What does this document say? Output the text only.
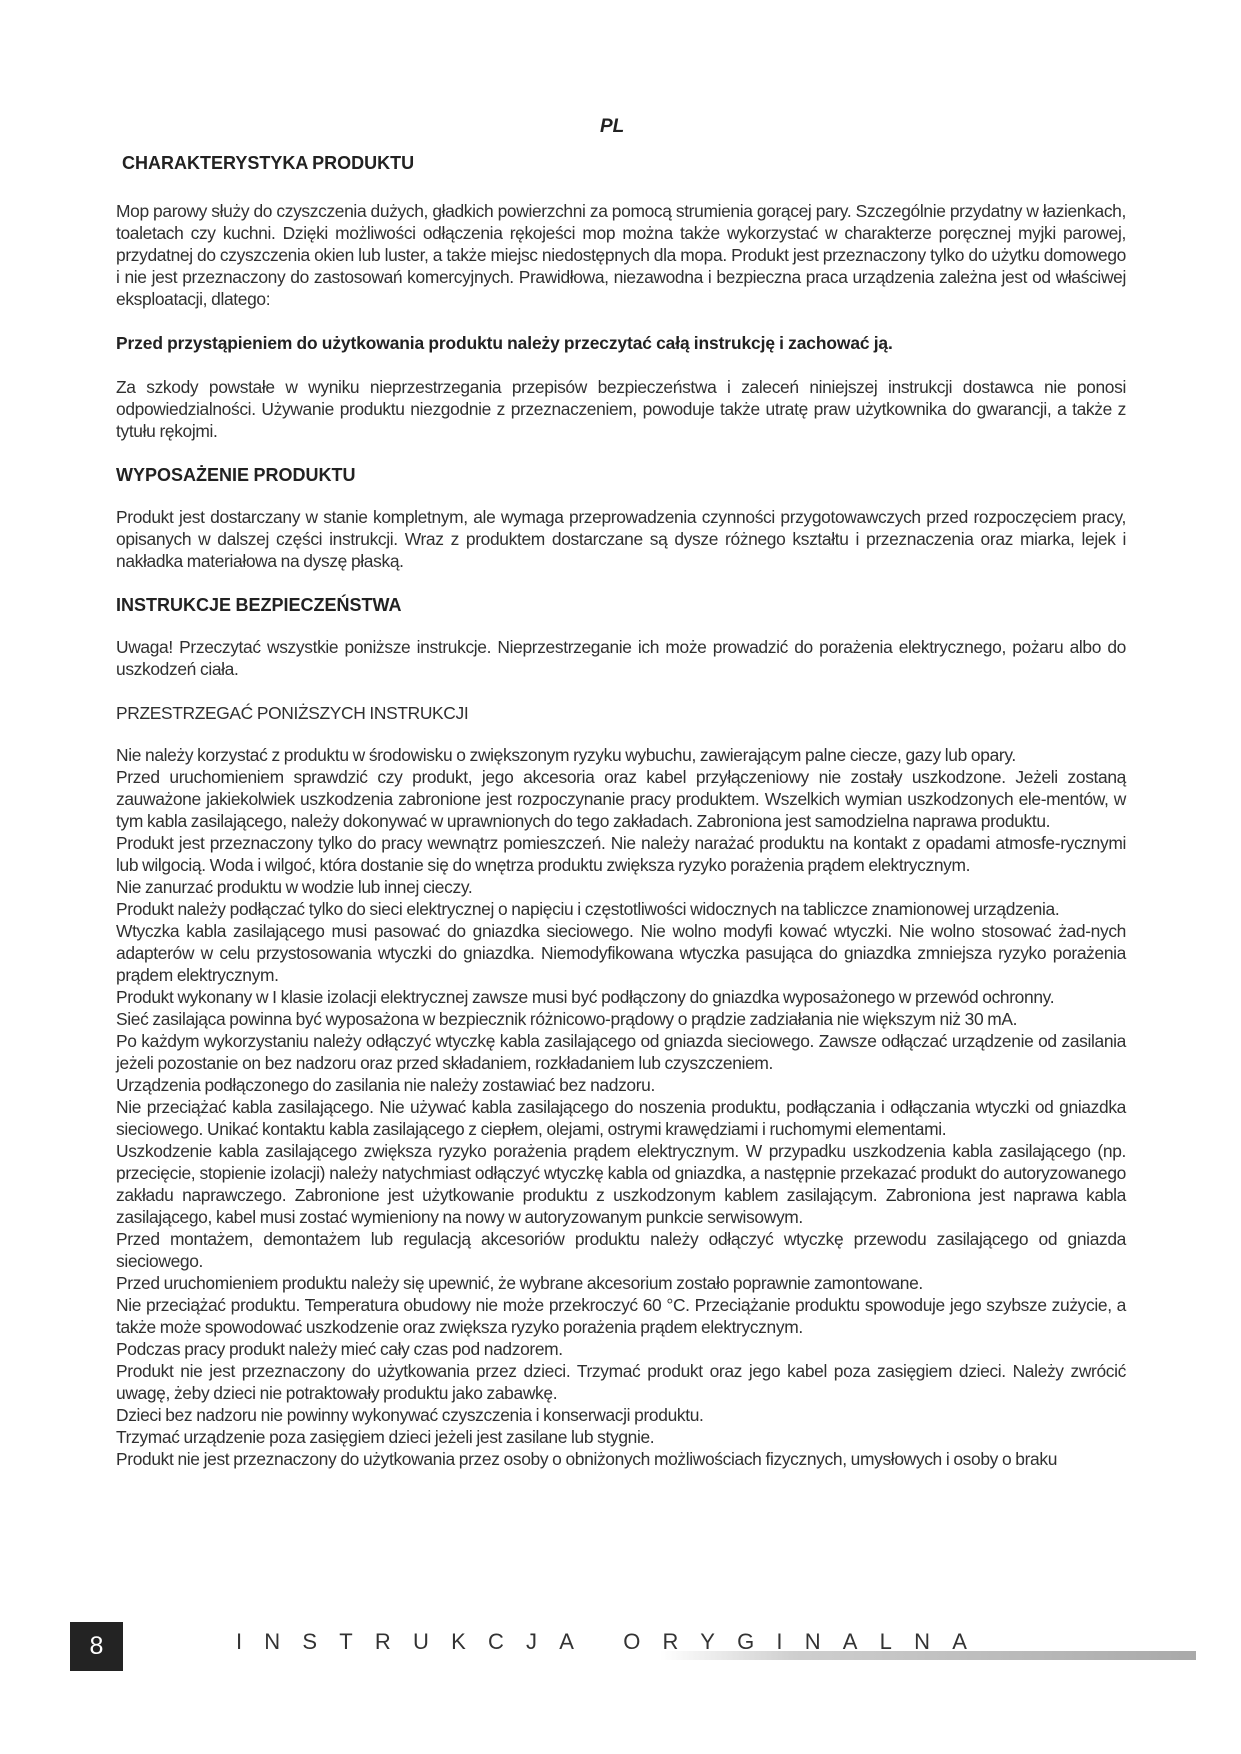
PL

CHARAKTERYSTYKA PRODUKTU

Mop parowy służy do czyszczenia dużych, gładkich powierzchni za pomocą strumienia gorącej pary. Szczególnie przydatny w łazienkach, toaletach czy kuchni. Dzięki możliwości odłączenia rękojeści mop można także wykorzystać w charakterze poręcznej myjki parowej, przydatnej do czyszczenia okien lub luster, a także miejsc niedostępnych dla mopa. Produkt jest przeznaczony tylko do użytku domowego i nie jest przeznaczony do zastosowań komercyjnych. Prawidłowa, niezawodna i bezpieczna praca urządzenia zależna jest od właściwej eksploatacji, dlatego:

Przed przystąpieniem do użytkowania produktu należy przeczytać całą instrukcję i zachować ją.

Za szkody powstałe w wyniku nieprzestrzegania przepisów bezpieczeństwa i zaleceń niniejszej instrukcji dostawca nie ponosi odpowiedzialności. Używanie produktu niezgodnie z przeznaczeniem, powoduje także utratę praw użytkownika do gwarancji, a także z tytułu rękojmi.

WYPOSAŻENIE PRODUKTU

Produkt jest dostarczany w stanie kompletnym, ale wymaga przeprowadzenia czynności przygotowawczych przed rozpoczęciem pracy, opisanych w dalszej części instrukcji. Wraz z produktem dostarczane są dysze różnego kształtu i przeznaczenia oraz miarka, lejek i nakładka materiałowa na dyszę płaską.

INSTRUKCJE BEZPIECZEŃSTWA

Uwaga! Przeczytać wszystkie poniższe instrukcje. Nieprzestrzeganie ich może prowadzić do porażenia elektrycznego, pożaru albo do uszkodzeń ciała.

PRZESTRZEGAĆ PONIŻSZYCH INSTRUKCJI

Nie należy korzystać z produktu w środowisku o zwiększonym ryzyku wybuchu, zawierającym palne ciecze, gazy lub opary.

Przed uruchomieniem sprawdzić czy produkt, jego akcesoria oraz kabel przyłączeniowy nie zostały uszkodzone. Jeżeli zostaną zauważone jakiekolwiek uszkodzenia zabronione jest rozpoczynanie pracy produktem. Wszelkich wymian uszkodzonych ele-mentów, w tym kabla zasilającego, należy dokonywać w uprawnionych do tego zakładach. Zabroniona jest samodzielna naprawa produktu.

Produkt jest przeznaczony tylko do pracy wewnątrz pomieszczeń. Nie należy narażać produktu na kontakt z opadami atmosfe-rycznymi lub wilgocią. Woda i wilgoć, która dostanie się do wnętrza produktu zwiększa ryzyko porażenia prądem elektrycznym.

Nie zanurzać produktu w wodzie lub innej cieczy.

Produkt należy podłączać tylko do sieci elektrycznej o napięciu i częstotliwości widocznych na tabliczce znamionowej urządzenia.

Wtyczka kabla zasilającego musi pasować do gniazdka sieciowego. Nie wolno modyfi kować wtyczki. Nie wolno stosować żad-nych adapterów w celu przystosowania wtyczki do gniazdka. Niemodyfikowana wtyczka pasująca do gniazdka zmniejsza ryzyko porażenia prądem elektrycznym.

Produkt wykonany w I klasie izolacji elektrycznej zawsze musi być podłączony do gniazdka wyposażonego w przewód ochronny.

Sieć zasilająca powinna być wyposażona w bezpiecznik różnicowo-prądowy o prądzie zadziałania nie większym niż 30 mA.

Po każdym wykorzystaniu należy odłączyć wtyczkę kabla zasilającego od gniazda sieciowego. Zawsze odłączać urządzenie od zasilania jeżeli pozostanie on bez nadzoru oraz przed składaniem, rozkładaniem lub czyszczeniem.

Urządzenia podłączonego do zasilania nie należy zostawiać bez nadzoru.

Nie przeciążać kabla zasilającego. Nie używać kabla zasilającego do noszenia produktu, podłączania i odłączania wtyczki od gniazdka sieciowego. Unikać kontaktu kabla zasilającego z ciepłem, olejami, ostrymi krawędziami i ruchomymi elementami.

Uszkodzenie kabla zasilającego zwiększa ryzyko porażenia prądem elektrycznym. W przypadku uszkodzenia kabla zasilającego (np. przecięcie, stopienie izolacji) należy natychmiast odłączyć wtyczkę kabla od gniazdka, a następnie przekazać produkt do autoryzowanego zakładu naprawczego. Zabronione jest użytkowanie produktu z uszkodzonym kablem zasilającym. Zabroniona jest naprawa kabla zasilającego, kabel musi zostać wymieniony na nowy w autoryzowanym punkcie serwisowym.

Przed montażem, demontażem lub regulacją akcesoriów produktu należy odłączyć wtyczkę przewodu zasilającego od gniazda sieciowego.

Przed uruchomieniem produktu należy się upewnić, że wybrane akcesorium zostało poprawnie zamontowane.

Nie przeciążać produktu. Temperatura obudowy nie może przekroczyć 60 °C. Przeciążanie produktu spowoduje jego szybsze zużycie, a także może spowodować uszkodzenie oraz zwiększa ryzyko porażenia prądem elektrycznym.

Podczas pracy produkt należy mieć cały czas pod nadzorem.

Produkt nie jest przeznaczony do użytkowania przez dzieci. Trzymać produkt oraz jego kabel poza zasięgiem dzieci. Należy zwrócić uwagę, żeby dzieci nie potraktowały produktu jako zabawkę.

Dzieci bez nadzoru nie powinny wykonywać czyszczenia i konserwacji produktu.

Trzymać urządzenie poza zasięgiem dzieci jeżeli jest zasilane lub stygnie.

Produkt nie jest przeznaczony do użytkowania przez osoby o obniżonych możliwościach fizycznych, umysłowych i osoby o braku

8	INSTRUKCJA ORYGINALNA
